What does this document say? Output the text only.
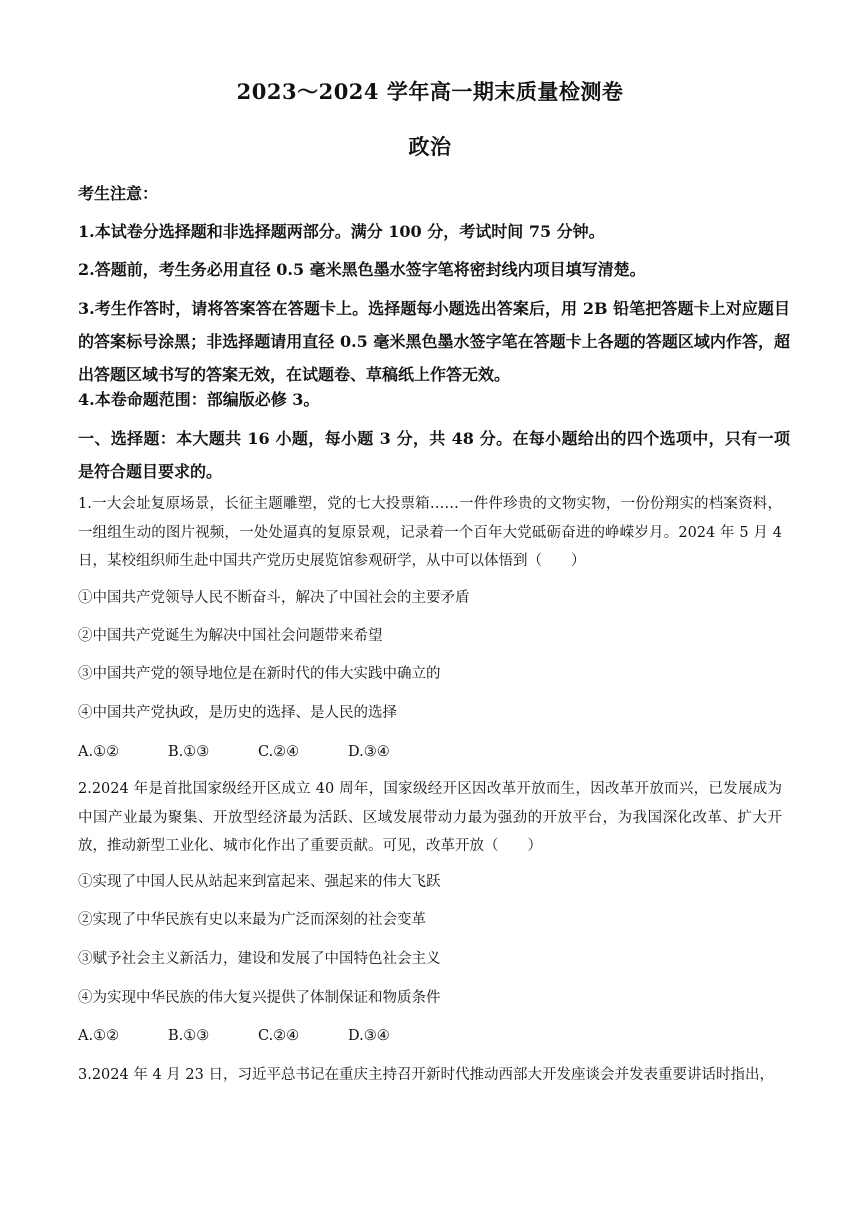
2023～2024 学年高一期末质量检测卷
政治
考生注意：
1.本试卷分选择题和非选择题两部分。满分 100 分，考试时间 75 分钟。
2.答题前，考生务必用直径 0.5 毫米黑色墨水签字笔将密封线内项目填写清楚。
3.考生作答时，请将答案答在答题卡上。选择题每小题选出答案后，用 2B 铅笔把答题卡上对应题目的答案标号涂黑；非选择题请用直径 0.5 毫米黑色墨水签字笔在答题卡上各题的答题区域内作答，超出答题区域书写的答案无效，在试题卷、草稿纸上作答无效。
4.本卷命题范围：部编版必修 3。
一、选择题：本大题共 16 小题，每小题 3 分，共 48 分。在每小题给出的四个选项中，只有一项是符合题目要求的。
1.一大会址复原场景，长征主题雕塑，党的七大投票箱……一件件珍贵的文物实物，一份份翔实的档案资料，一组组生动的图片视频，一处处逼真的复原景观，记录着一个百年大党砥砺奋进的峥嵘岁月。2024 年 5 月 4 日，某校组织师生赴中国共产党历史展览馆参观研学，从中可以体悟到（　　）
①中国共产党领导人民不断奋斗，解决了中国社会的主要矛盾
②中国共产党诞生为解决中国社会问题带来希望
③中国共产党的领导地位是在新时代的伟大实践中确立的
④中国共产党执政，是历史的选择、是人民的选择
A.①②	B.①③	C.②④	D.③④
2.2024 年是首批国家级经开区成立 40 周年，国家级经开区因改革开放而生，因改革开放而兴，已发展成为中国产业最为聚集、开放型经济最为活跃、区域发展带动力最为强劲的开放平台，为我国深化改革、扩大开放，推动新型工业化、城市化作出了重要贡献。可见，改革开放（　　）
①实现了中国人民从站起来到富起来、强起来的伟大飞跃
②实现了中华民族有史以来最为广泛而深刻的社会变革
③赋予社会主义新活力，建设和发展了中国特色社会主义
④为实现中华民族的伟大复兴提供了体制保证和物质条件
A.①②	B.①③	C.②④	D.③④
3.2024 年 4 月 23 日，习近平总书记在重庆主持召开新时代推动西部大开发座谈会并发表重要讲话时指出，
